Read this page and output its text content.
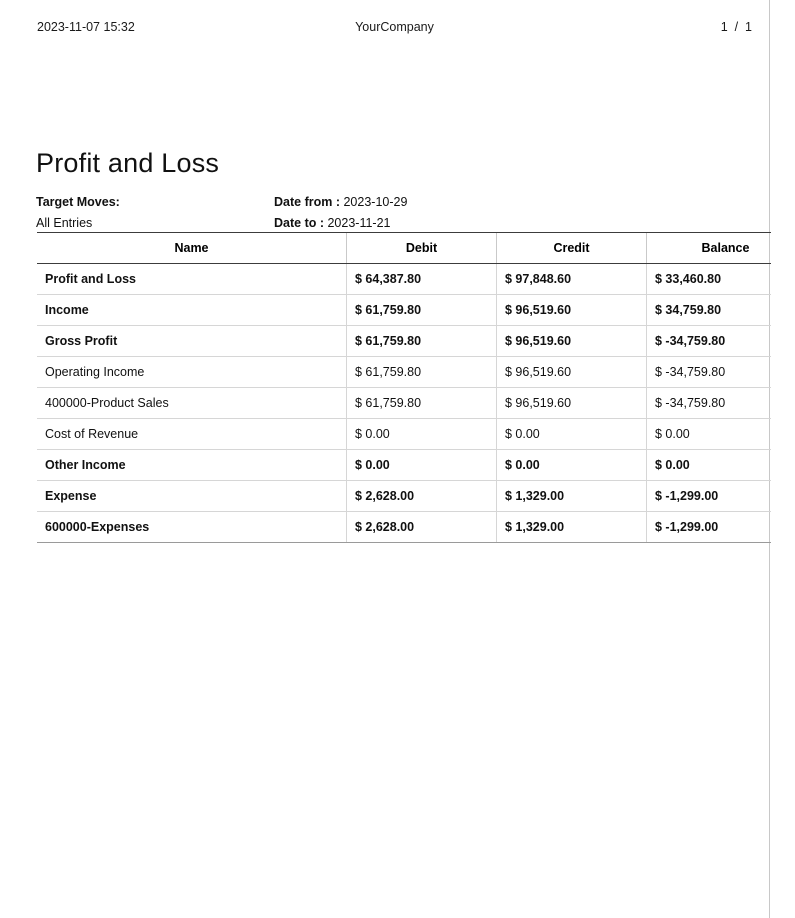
2023-11-07 15:32	YourCompany	1  /  1
Profit and Loss
Target Moves:	Date from : 2023-10-29
All Entries	Date to : 2023-11-21
Name	Debit	Credit	Balance
Profit and Loss	$ 64,387.80	$ 97,848.60	$ 33,460.80
Income	$ 61,759.80	$ 96,519.60	$ 34,759.80
Gross Profit	$ 61,759.80	$ 96,519.60	$ -34,759.80
Operating Income	$ 61,759.80	$ 96,519.60	$ -34,759.80
400000-Product Sales	$ 61,759.80	$ 96,519.60	$ -34,759.80
Cost of Revenue	$ 0.00	$ 0.00	$ 0.00
Other Income	$ 0.00	$ 0.00	$ 0.00
Expense	$ 2,628.00	$ 1,329.00	$ -1,299.00
600000-Expenses	$ 2,628.00	$ 1,329.00	$ -1,299.00
